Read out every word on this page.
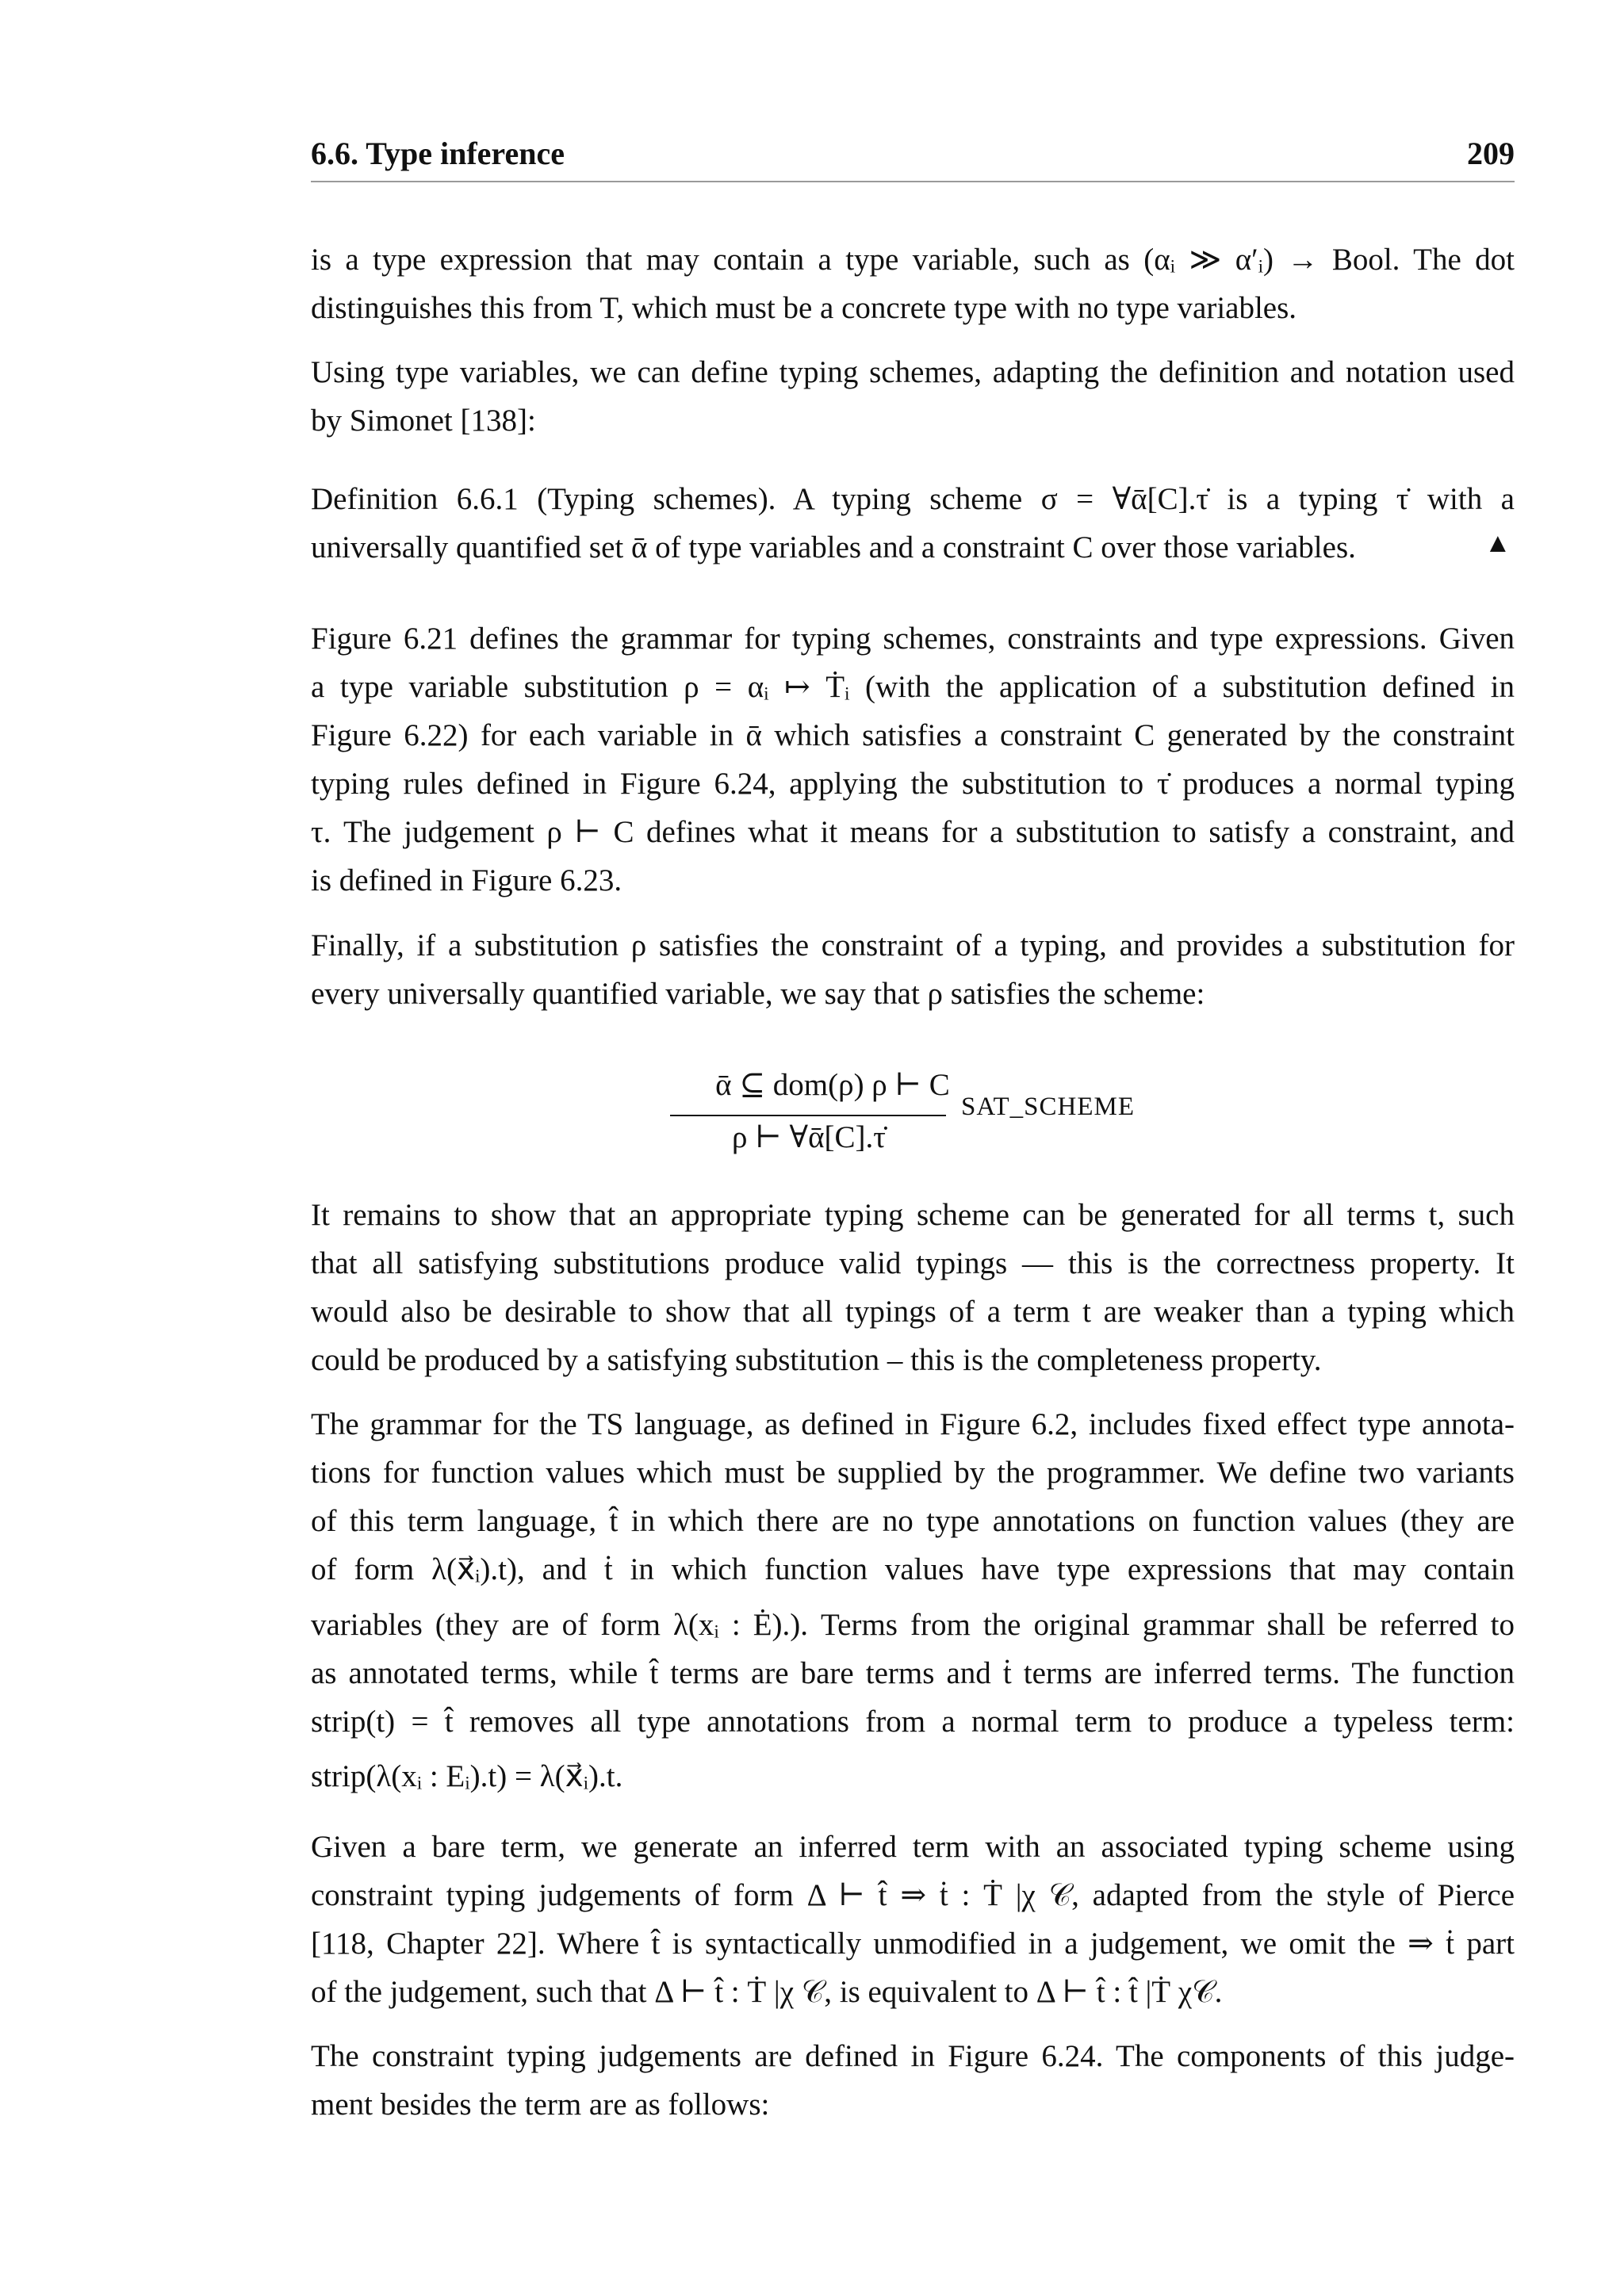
6.6. Type inference	209
is a type expression that may contain a type variable, such as (αᵢ ≫ α′ᵢ) → Bool. The dot
distinguishes this from T, which must be a concrete type with no type variables.
Using type variables, we can define typing schemes, adapting the definition and notation used
by Simonet [138]:
Definition 6.6.1 (Typing schemes). A typing scheme σ = ∀ᾱ[C].τ̇ is a typing τ̇ with a
universally quantified set ᾱ of type variables and a constraint C over those variables.	▲
Figure 6.21 defines the grammar for typing schemes, constraints and type expressions. Given
a type variable substitution ρ = αᵢ ↦ Ṫᵢ (with the application of a substitution defined in
Figure 6.22) for each variable in ᾱ which satisfies a constraint C generated by the constraint
typing rules defined in Figure 6.24, applying the substitution to τ̇ produces a normal typing
τ. The judgement ρ ⊢ C defines what it means for a substitution to satisfy a constraint, and
is defined in Figure 6.23.
Finally, if a substitution ρ satisfies the constraint of a typing, and provides a substitution for
every universally quantified variable, we say that ρ satisfies the scheme:
ᾱ ⊆ dom(ρ) ρ ⊢ C
ρ ⊢ ∀ᾱ[C].τ̇
SAT_SCHEME
It remains to show that an appropriate typing scheme can be generated for all terms t, such
that all satisfying substitutions produce valid typings — this is the correctness property. It
would also be desirable to show that all typings of a term t are weaker than a typing which
could be produced by a satisfying substitution – this is the completeness property.
The grammar for the TS language, as defined in Figure 6.2, includes fixed effect type annota-
tions for function values which must be supplied by the programmer. We define two variants
of this term language, t̂ in which there are no type annotations on function values (they are
of form λ(x⃗ᵢ).t), and ṫ in which function values have type expressions that may contain
variables (they are of form λ(xᵢ : Ė).). Terms from the original grammar shall be referred to
as annotated terms, while t̂ terms are bare terms and ṫ terms are inferred terms. The function
strip(t) = t̂ removes all type annotations from a normal term to produce a typeless term:
strip(λ(xᵢ : Eᵢ).t) = λ(x⃗ᵢ).t.
Given a bare term, we generate an inferred term with an associated typing scheme using
constraint typing judgements of form Δ ⊢ t̂ ⇒ ṫ : Ṫ |χ 𝒞, adapted from the style of Pierce
[118, Chapter 22]. Where t̂ is syntactically unmodified in a judgement, we omit the ⇒ ṫ part
of the judgement, such that Δ ⊢ t̂ : Ṫ |χ 𝒞, is equivalent to Δ ⊢ t̂ : t̂ |Ṫ χ𝒞.
The constraint typing judgements are defined in Figure 6.24. The components of this judge-
ment besides the term are as follows:
